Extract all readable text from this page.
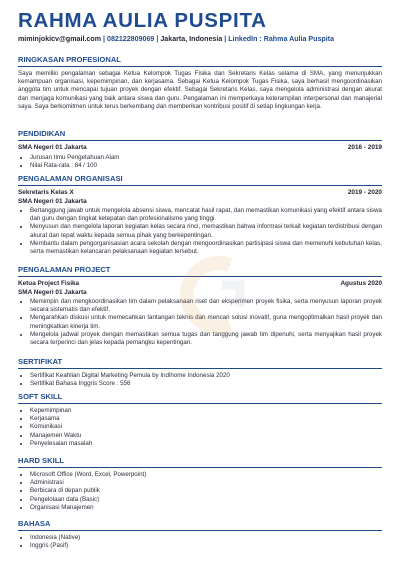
RAHMA AULIA PUSPITA
miminjokicv@gmail.com | 082122809069 | Jakarta, Indonesia | LinkedIn : Rahma Aulia Puspita
RINGKASAN PROFESIONAL
Saya memiliki pengalaman sebagai Ketua Kelompok Tugas Fisika dan Sekretaris Kelas selama di SMA, yang menunjukkan kemampuan organisasi, kepemimpinan, dan kerjasama. Sebagai Ketua Kelompok Tugas Fisika, saya berhasil mengoordinasikan anggota tim untuk mencapai tujuan proyek dengan efektif. Sebagai Sekretaris Kelas, saya mengelola administrasi dengan akurat dan menjaga komunikasi yang baik antara siswa dan guru. Pengalaman ini memperkaya keterampilan interpersonal dan manajerial saya. Saya berkomitmen untuk terus berkembang dan memberikan kontribusi positif di setiap lingkungan kerja.
PENDIDIKAN
SMA Negeri 01 Jakarta	2016 - 2019
• Jurusan Ilmu Pengetahuan Alam
• Nilai Rata-rata : 84 / 100
PENGALAMAN ORGANISASI
Sekretaris Kelas X	2019 - 2020
SMA Negeri 01 Jakarta
• Bertanggung jawab untuk mengelola absensi siswa, mencatat hasil rapat, dan memastikan komunikasi yang efektif antara siswa dan guru dengan tingkat ketepatan dan profesionalisme yang tinggi.
• Menyusun dan mengelola laporan kegiatan kelas secara rinci, memastikan bahwa informasi terkait kegiatan terdistribusi dengan akurat dan tepat waktu kepada semua pihak yang berkepentingan.
• Membantu dalam pengorganisasian acara sekolah dengan mengoordinasikan partisipasi siswa dan memenuhi kebutuhan kelas, serta memastikan kelancaran pelaksanaan kegiatan tersebut.
PENGALAMAN PROJECT
Ketua Project Fisika	Agustus 2020
SMA Negeri 01 Jakarta
• Memimpin dan mengkoordinasikan tim dalam pelaksanaan riset dan eksperimen proyek fisika, serta menyusun laporan proyek secara sistematis dan efektif.
• Mengarahkan diskusi untuk memecahkan tantangan teknis dan mencari solusi inovatif, guna mengoptimalkan hasil proyek dan meningkatkan kinerja tim.
• Mengelola jadwal proyek dengan memastikan semua tugas dan tanggung jawab tim dipenuhi, serta menyajikan hasil proyek secara terperinci dan jelas kepada pemangku kepentingan.
SERTIFIKAT
• Sertifikat Keahlian Digital Marketing Pemula by Indihome Indonesia 2020
• Sertifikat Bahasa Inggris Score : 556
SOFT SKILL
• Kepemimpinan
• Kerjasama
• Komunikasi
• Manajemen Waktu
• Penyelesaian masalah
HARD SKILL
• Microsoft Office (Word, Excel, Powerpoint)
• Administrasi
• Berbicara di depan publik
• Pengelolaan data (Basic)
• Organisasi Manajemen
BAHASA
• Indonesia (Native)
• Inggris (Pasif)
